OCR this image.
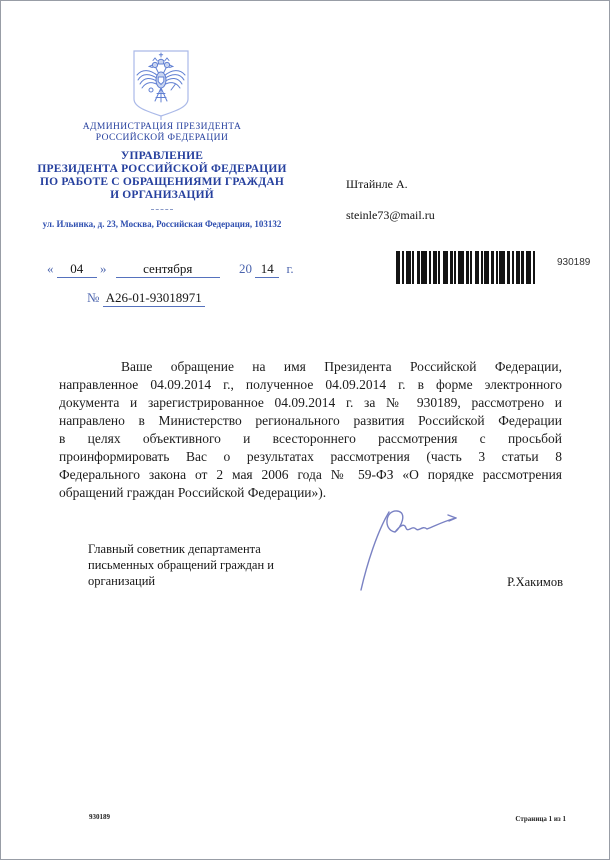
АДМИНИСТРАЦИЯ ПРЕЗИДЕНТА
РОССИЙСКОЙ ФЕДЕРАЦИИ
УПРАВЛЕНИЕ
ПРЕЗИДЕНТА РОССИЙСКОЙ ФЕДЕРАЦИИ
ПО РАБОТЕ С ОБРАЩЕНИЯМИ ГРАЖДАН
И ОРГАНИЗАЦИЙ
ул. Ильинка, д. 23, Москва, Российская Федерация, 103132
Штайнле А.
steinle73@mail.ru
« 04 »	сентября	20 14 г.
№ А26-01-93018971
930189
Ваше обращение на имя Президента Российской Федерации,
направленное 04.09.2014 г., полученное 04.09.2014 г. в форме электронного
документа и зарегистрированное 04.09.2014 г. за № 930189, рассмотрено и
направлено в Министерство регионального развития Российской Федерации
в целях объективного и всестороннего рассмотрения с просьбой
проинформировать Вас о результатах рассмотрения (часть 3 статьи 8
Федерального закона от 2 мая 2006 года № 59-ФЗ «О порядке рассмотрения
обращений граждан Российской Федерации»).
Главный советник департамента
письменных обращений граждан и
организаций	Р.Хакимов
930189	Страница 1 из 1
